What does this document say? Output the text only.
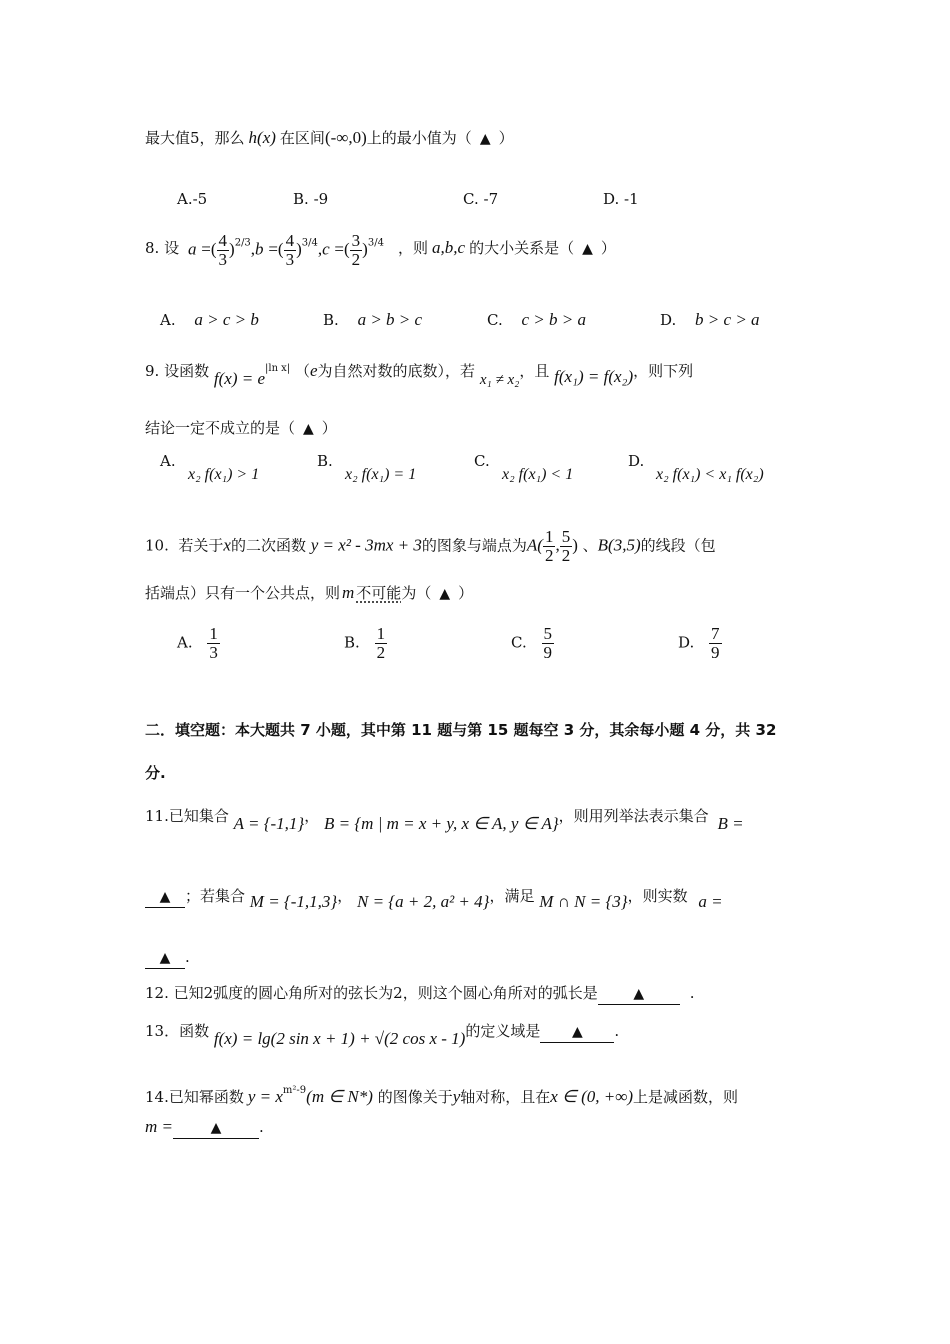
最大值5，那么 h(x) 在区间(-∞,0)上的最小值为（ ▲ ）
A.-5	B. -9	C. -7	D. -1
8. 设 a =( $\frac{4}{3} )^{2/3},b$ =( $\frac{4}{3} )^{3/4},c$ =( $\frac{3}{2} )^{3/4}$ ，则 a,b,c 的大小关系是（ ▲ ）
A. a > c > b	B. a > b > c	C. c > b > a	D. b > c > a
9. 设函数 $f(x) = e^{|ln x|}$ （e为自然对数的底数），若 x₁ ≠ x₂，且 f(x₁) = f(x₂)，则下列
结论一定不成立的是（ ▲ ）
A.
x₂ f(x₁) > 1
B.
x₂ f(x₁) = 1
C.
x₂ f(x₁) < 1
D.
x₂ f(x₁) < x₁ f(x₂)
10. 若关于x的二次函数 y = x² - 3mx + 3的图象与端点为$A( \frac{1}{2}$ , $\frac{5}{2}$ ) 、B(3,5)的线段（包
括端点）只有一个公共点，则 m 不可能为（ ▲ ）
A. $\frac{1}{3}$	B. $\frac{1}{2}$	C. $\frac{5}{9}$	D. $\frac{7}{9}$
二．填空题：本大题共 7 小题，其中第 11 题与第 15 题每空 3 分，其余每小题 4 分，共 32
分.
11.已知集合 A = {-1,1}， B = {m | m = x + y, x ∈ A, y ∈ A}，则用列举法表示集合 B =
▲ ；若集合 M = {-1,1,3}， N = {a + 2, a² + 4}，满足 M ∩ N = {3}，则实数 a =
▲ .
12. 已知2弧度的圆心角所对的弦长为2，则这个圆心角所对的弧长是	▲	.
13．函数 f(x) = lg(2 sin x + 1) + √(2 cos x - 1)的定义域是 ▲ .
14.已知幂函数 $y = x^{m^2-9}(m$ ∈ N*) 的图像关于y轴对称，且在x ∈ (0, +∞)上是减函数，则
m =	▲	.
